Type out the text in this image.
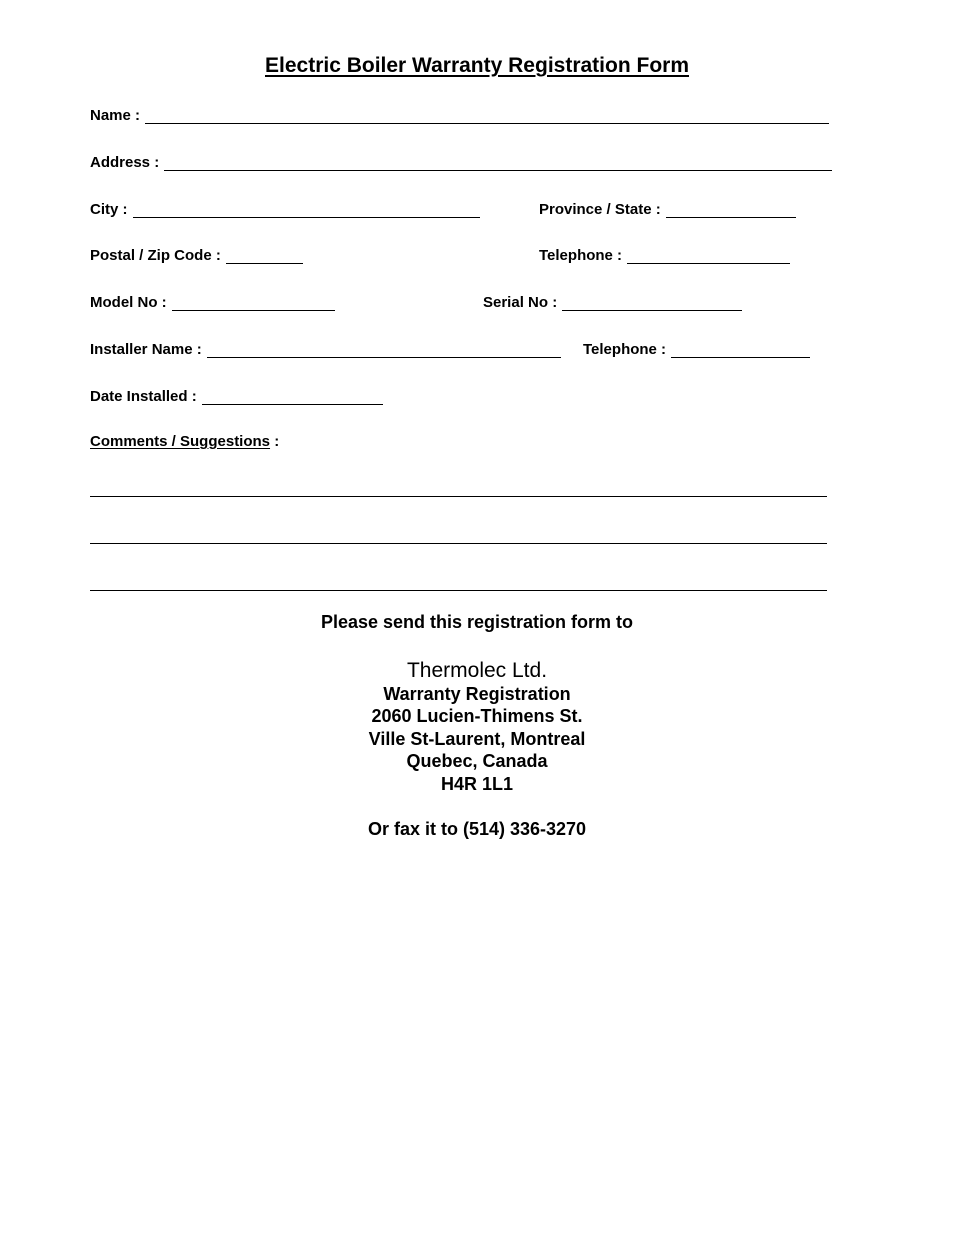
Electric Boiler Warranty Registration Form
Name :
Address :
City :	Province / State :
Postal / Zip Code :	Telephone :
Model No :	Serial No :
Installer Name :	Telephone :
Date Installed :
Comments / Suggestions :
Please send this registration form to
Thermolec Ltd.
Warranty Registration
2060 Lucien-Thimens St.
Ville St-Laurent, Montreal
Quebec, Canada
H4R 1L1
Or fax it to (514) 336-3270
